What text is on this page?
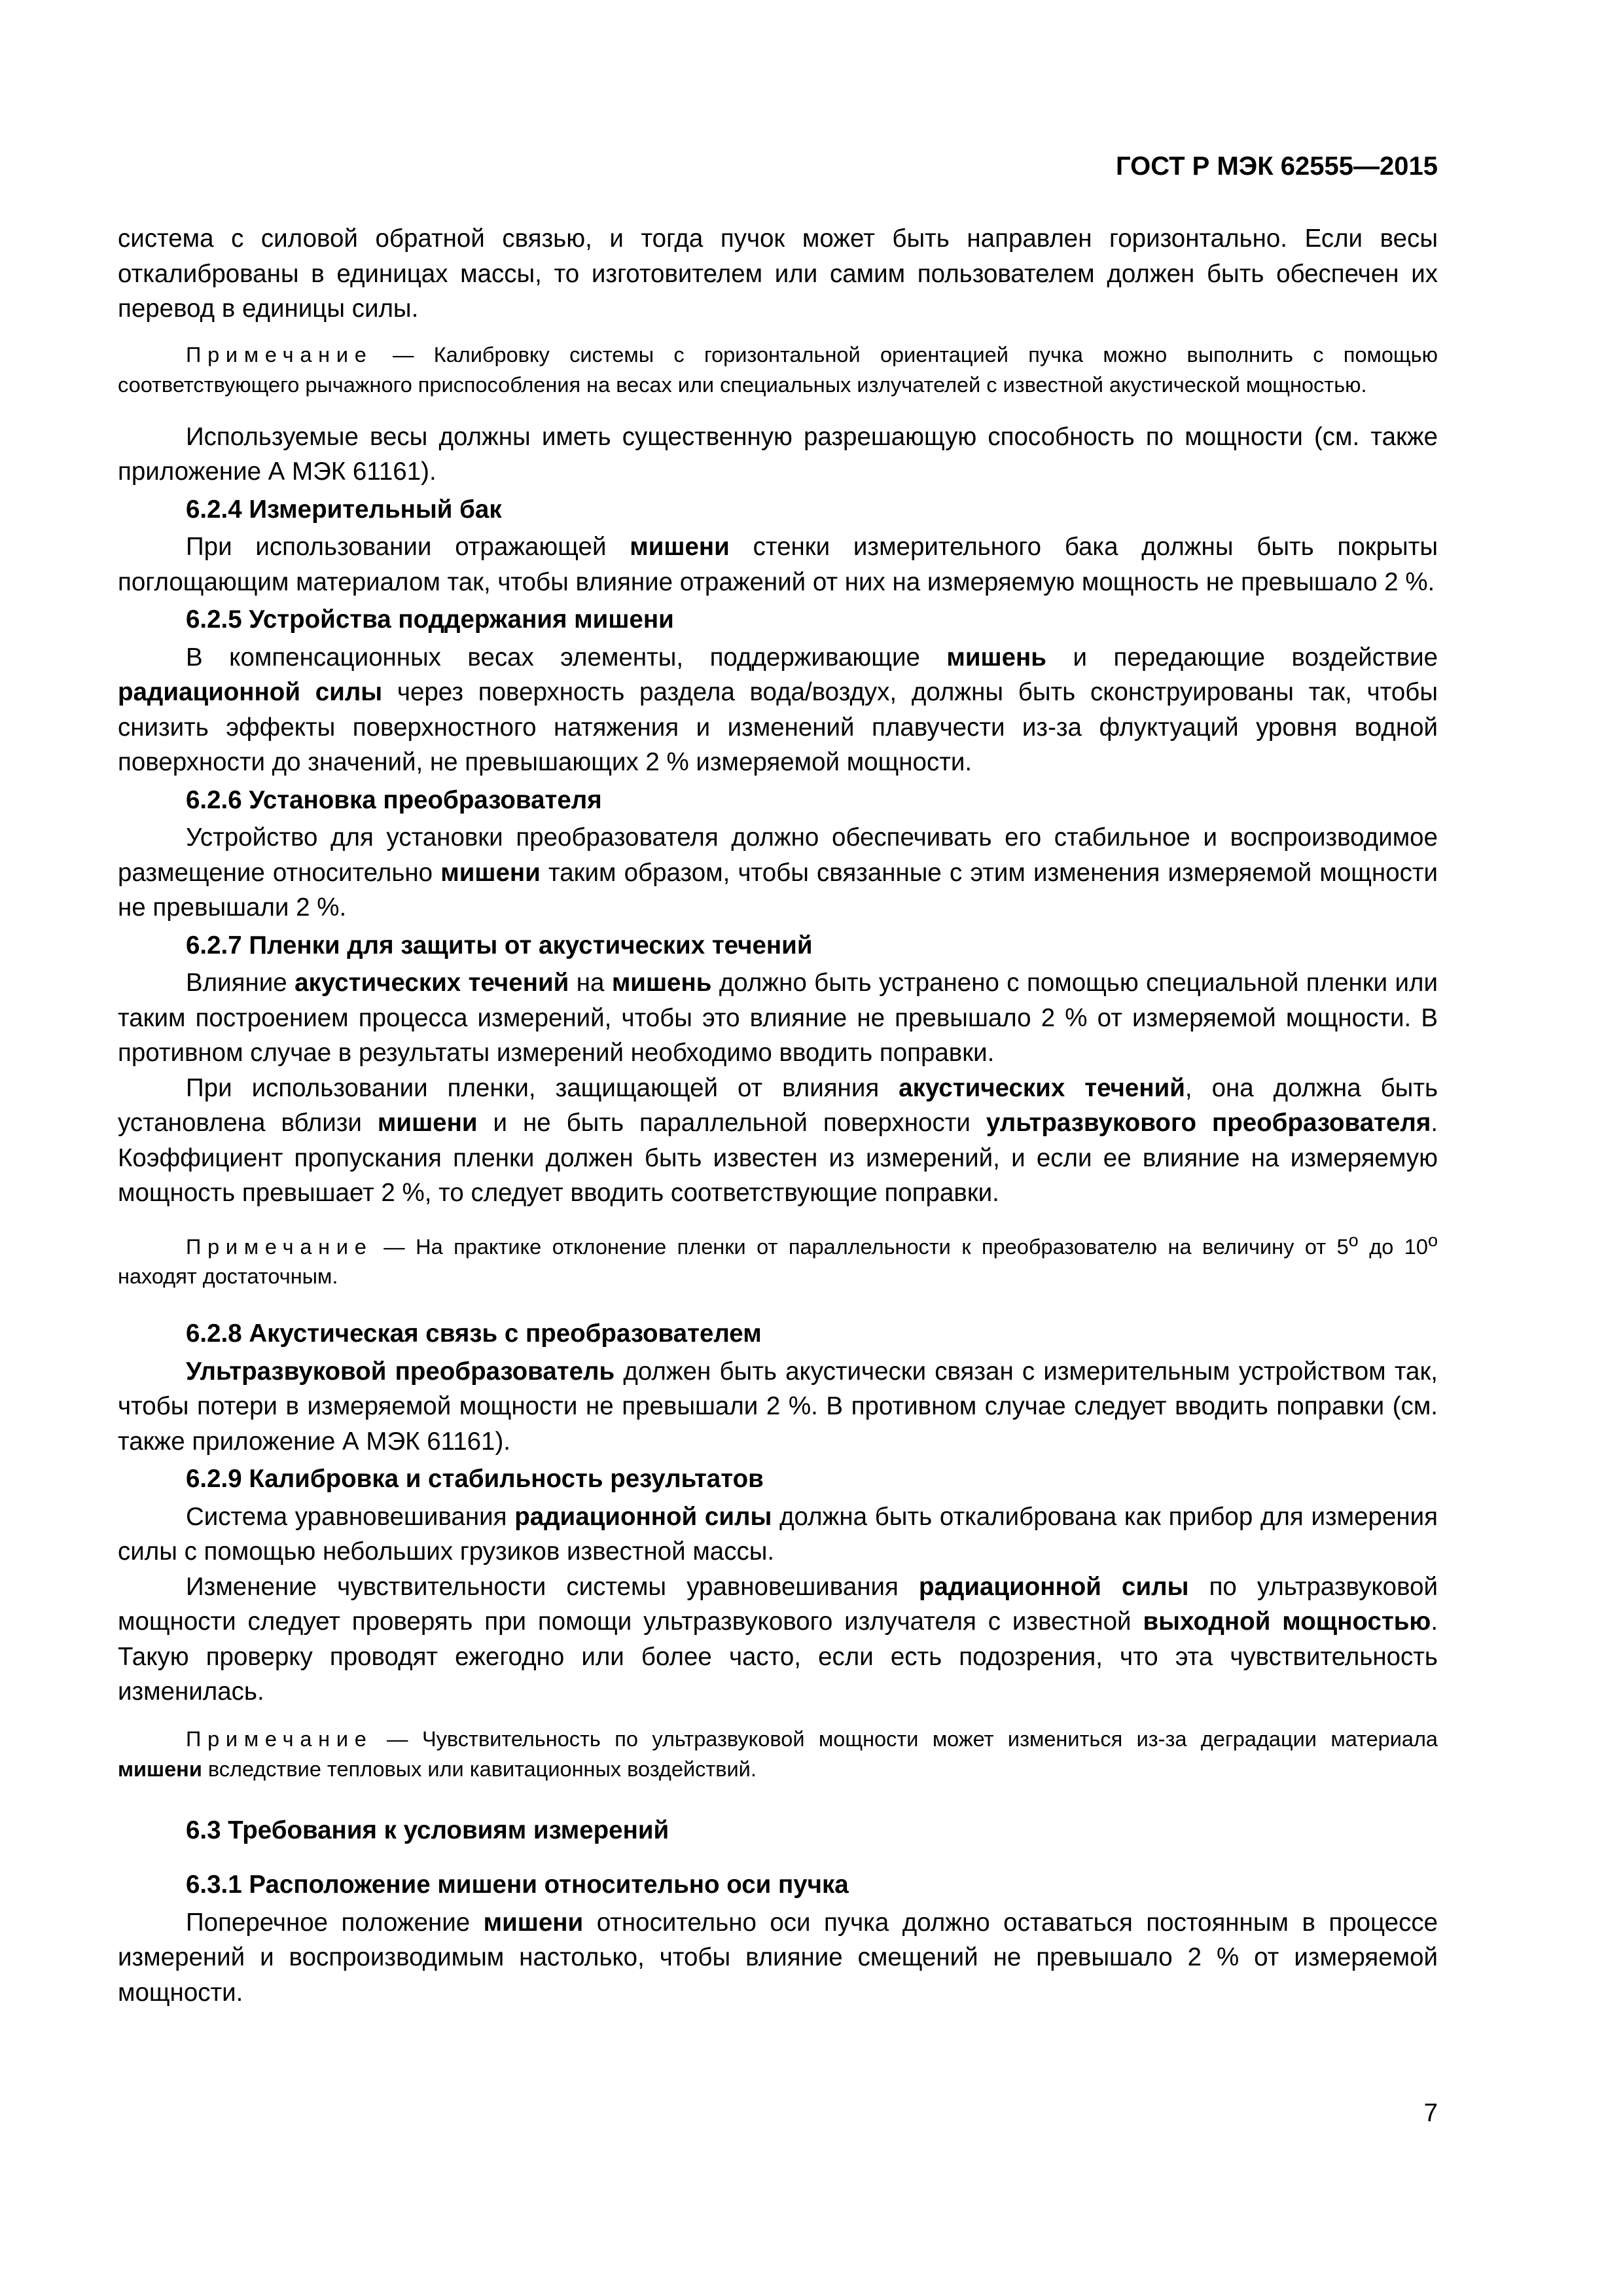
ГОСТ Р МЭК 62555—2015

система с силовой обратной связью, и тогда пучок может быть направлен горизонтально. Если весы откалиброваны в единицах массы, то изготовителем или самим пользователем должен быть обеспечен их перевод в единицы силы.

Примечание — Калибровку системы с горизонтальной ориентацией пучка можно выполнить с помощью соответствующего рычажного приспособления на весах или специальных излучателей с известной акустической мощностью.

Используемые весы должны иметь существенную разрешающую способность по мощности (см. также приложение А МЭК 61161).

6.2.4 Измерительный бак

При использовании отражающей мишени стенки измерительного бака должны быть покрыты поглощающим материалом так, чтобы влияние отражений от них на измеряемую мощность не превышало 2 %.

6.2.5 Устройства поддержания мишени

В компенсационных весах элементы, поддерживающие мишень и передающие воздействие радиационной силы через поверхность раздела вода/воздух, должны быть сконструированы так, чтобы снизить эффекты поверхностного натяжения и изменений плавучести из-за флуктуаций уровня водной поверхности до значений, не превышающих 2 % измеряемой мощности.

6.2.6 Установка преобразователя

Устройство для установки преобразователя должно обеспечивать его стабильное и воспроизводимое размещение относительно мишени таким образом, чтобы связанные с этим изменения измеряемой мощности не превышали 2 %.

6.2.7 Пленки для защиты от акустических течений

Влияние акустических течений на мишень должно быть устранено с помощью специальной пленки или таким построением процесса измерений, чтобы это влияние не превышало 2 % от измеряемой мощности. В противном случае в результаты измерений необходимо вводить поправки.

При использовании пленки, защищающей от влияния акустических течений, она должна быть установлена вблизи мишени и не быть параллельной поверхности ультразвукового преобразователя. Коэффициент пропускания пленки должен быть известен из измерений, и если ее влияние на измеряемую мощность превышает 2 %, то следует вводить соответствующие поправки.

Примечание — На практике отклонение пленки от параллельности к преобразователю на величину от 5$^o$ до 10$^o$ находят достаточным.

6.2.8 Акустическая связь с преобразователем

Ультразвуковой преобразователь должен быть акустически связан с измерительным устройством так, чтобы потери в измеряемой мощности не превышали 2 %. В противном случае следует вводить поправки (см. также приложение А МЭК 61161).

6.2.9 Калибровка и стабильность результатов

Система уравновешивания радиационной силы должна быть откалибрована как прибор для измерения силы с помощью небольших грузиков известной массы.

Изменение чувствительности системы уравновешивания радиационной силы по ультразвуковой мощности следует проверять при помощи ультразвукового излучателя с известной выходной мощностью. Такую проверку проводят ежегодно или более часто, если есть подозрения, что эта чувствительность изменилась.

Примечание — Чувствительность по ультразвуковой мощности может измениться из-за деградации материала мишени вследствие тепловых или кавитационных воздействий.

6.3 Требования к условиям измерений

6.3.1 Расположение мишени относительно оси пучка

Поперечное положение мишени относительно оси пучка должно оставаться постоянным в процессе измерений и воспроизводимым настолько, чтобы влияние смещений не превышало 2 % от измеряемой мощности.

7
